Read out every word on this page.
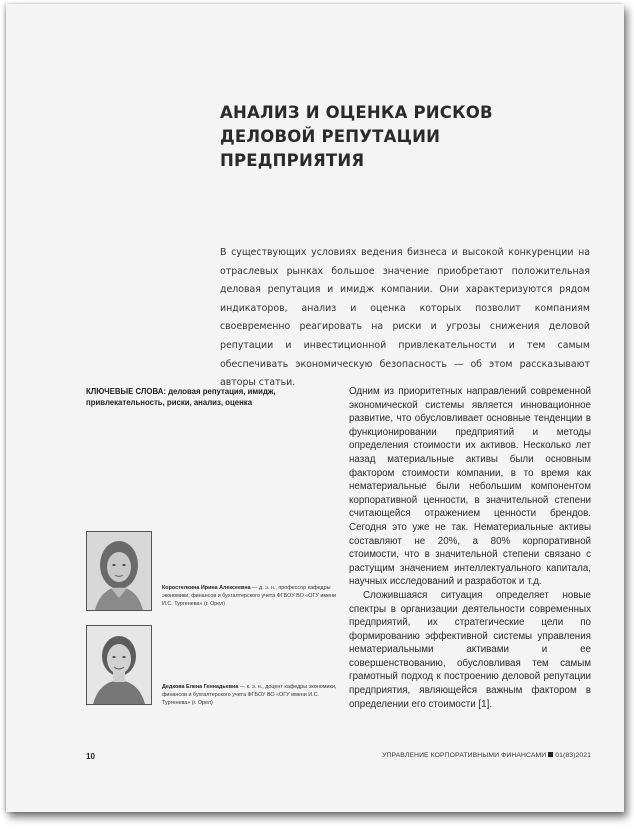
АНАЛИЗ И ОЦЕНКА РИСКОВ ДЕЛОВОЙ РЕПУТАЦИИ ПРЕДПРИЯТИЯ

В существующих условиях ведения бизнеса и высокой конкуренции на отраслевых рынках большое значение приобретают положительная деловая репутация и имидж компании. Они характеризуются рядом индикаторов, анализ и оценка которых позволит компаниям своевременно реагировать на риски и угрозы снижения деловой репутации и инвестиционной привлекательности и тем самым обеспечивать экономическую безопасность — об этом рассказывают авторы статьи.

КЛЮЧЕВЫЕ СЛОВА: деловая репутация, имидж, привлекательность, риски, анализ, оценка

Одним из приоритетных направлений современной экономической системы является инновационное развитие, что обусловливает основные тенденции в функционировании предприятий и методы определения стоимости их активов. Несколько лет назад материальные активы были основным фактором стоимости компании, в то время как нематериальные были небольшим компонентом корпоративной ценности, в значительной степени считающейся отражением ценности брендов. Сегодня это уже не так. Нематериальные активы составляют не 20%, а 80% корпоративной стоимости, что в значительной степени связано с растущим значением интеллектуального капитала, научных исследований и разработок и т.д.

Сложившаяся ситуация определяет новые спектры в организации деятельности современных предприятий, их стратегические цели по формированию эффективной системы управления нематериальными активами и ее совершенствованию, обусловливая тем самым грамотный подход к построению деловой репутации предприятия, являющейся важным фактором в определении его стоимости [1].

Коростелкина Ирина Алексеевна — д. э. н., профессор кафедры экономики, финансов и бухгалтерского учета ФГБОУ ВО «ОГУ имени И.С. Тургенева» (г. Орел)

Дедкова Елена Геннадьевна — к. э. н., доцент кафедры экономики, финансов и бухгалтерского учета ФГБОУ ВО «ОГУ имени И.С. Тургенева» (г. Орел)

10	УПРАВЛЕНИЕ КОРПОРАТИВНЫМИ ФИНАНСАМИ 01(83)2021
